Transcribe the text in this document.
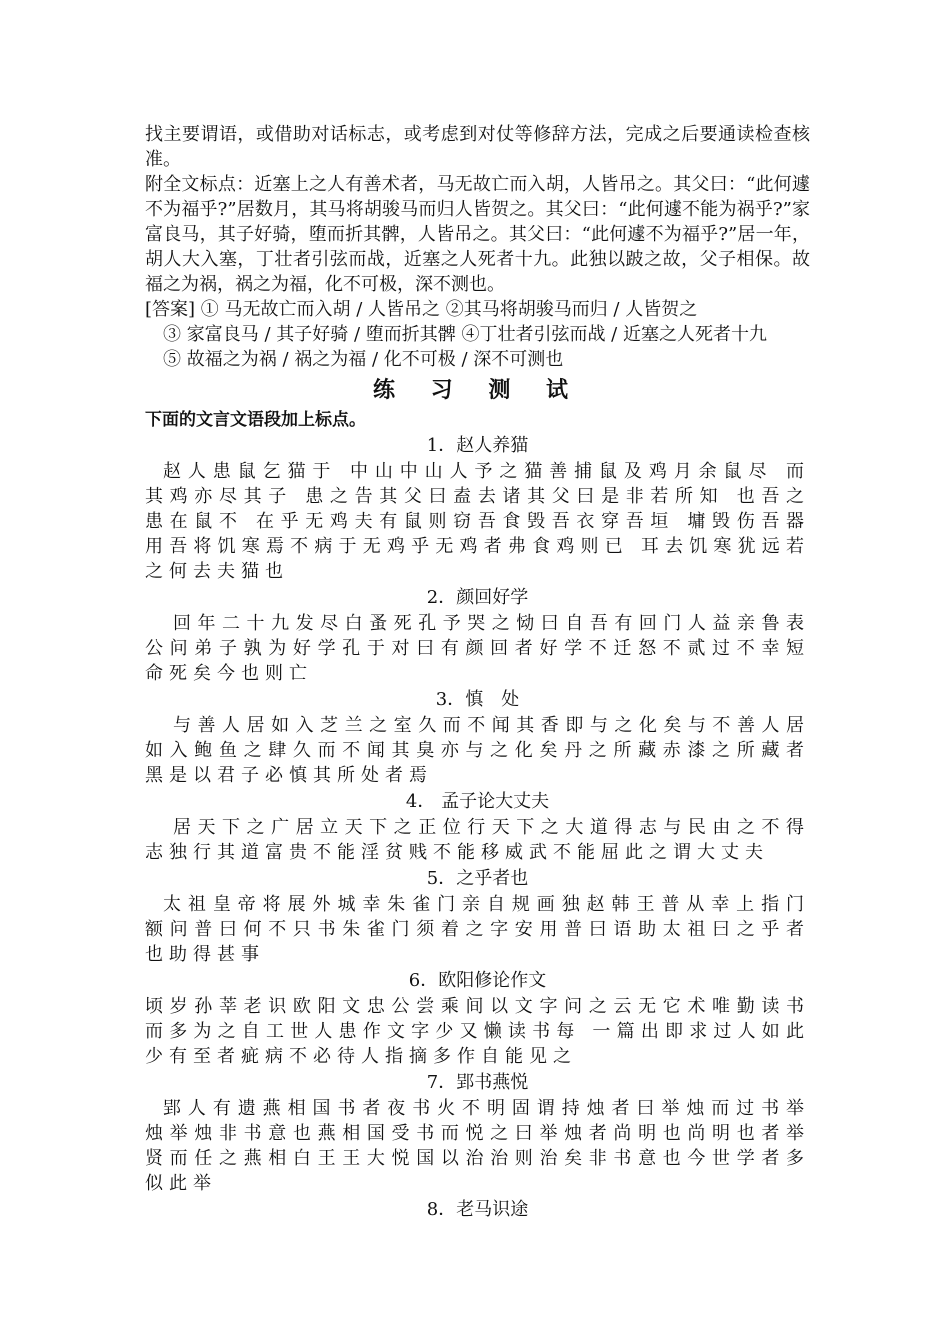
找主要谓语，或借助对话标志，或考虑到对仗等修辞方法，完成之后要通读检查核准。

附全文标点：近塞上之人有善术者，马无故亡而入胡，人皆吊之。其父曰：“此何遽不为福乎?”居数月，其马将胡骏马而归人皆贺之。其父曰：“此何遽不能为祸乎?”家富良马，其子好骑，堕而折其髀，人皆吊之。其父曰：“此何遽不为福乎?”居一年，胡人大入塞，丁壮者引弦而战，近塞之人死者十九。此独以跛之故，父子相保。故福之为祸，祸之为福，化不可极，深不测也。

[答案] ① 马无故亡而入胡 / 人皆吊之 ②其马将胡骏马而归 / 人皆贺之

③ 家富良马 / 其子好骑 / 堕而折其髀 ④丁壮者引弦而战 / 近塞之人死者十九

⑤ 故福之为祸 / 祸之为福 / 化不可极 / 深不可测也

练 习 测 试

下面的文言文语段加上标点。

1．赵人养猫

赵人患鼠乞猫于 中山中山人予之猫善捕鼠及鸡月余鼠尽 而其鸡亦尽其子 患之告其父曰盍去诸其父曰是非若所知 也吾之患在鼠不 在乎无鸡夫有鼠则窃吾食毁吾衣穿吾垣 墉毁伤吾器用吾将饥寒焉不病于无鸡乎无鸡者弗食鸡则已 耳去饥寒犹远若之何去夫猫也

2．颜回好学

回年二十九发尽白蚤死孔予哭之恸曰自吾有回门人益亲鲁表公问弟子孰为好学孔于对曰有颜回者好学不迁怒不贰过不幸短命死矣今也则亡

3．慎　处

与善人居如入芝兰之室久而不闻其香即与之化矣与不善人居如入鲍鱼之肆久而不闻其臭亦与之化矣丹之所藏赤漆之所藏者黑是以君子必慎其所处者焉

4． 孟子论大丈夫

居天下之广居立天下之正位行天下之大道得志与民由之不得志独行其道富贵不能淫贫贱不能移威武不能屈此之谓大丈夫

5．之乎者也

太祖皇帝将展外城幸朱雀门亲自规画独赵韩王普从幸上指门额问普曰何不只书朱雀门须着之字安用普曰语助太祖曰之乎者也助得甚事

6．欧阳修论作文

顷岁孙莘老识欧阳文忠公尝乘间以文字问之云无它术唯勤读书而多为之自工世人患作文字少又懒读书每 一篇出即求过人如此少有至者疵病不必待人指摘多作自能见之

7．郢书燕悦

郢人有遗燕相国书者夜书火不明固谓持烛者曰举烛而过书举烛举烛非书意也燕相国受书而悦之曰举烛者尚明也尚明也者举贤而任之燕相白王王大悦国以治治则治矣非书意也今世学者多似此举

8．老马识途
